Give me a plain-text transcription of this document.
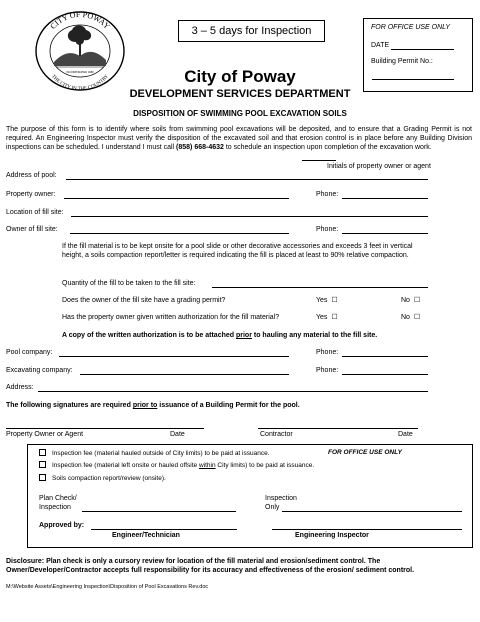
CITY OF POWAY
THE CITY IN THE COUNTRY
INCORPORATED 1980
3 – 5 days for Inspection	FOR OFFICE USE ONLY
DATE
Building Permit No.:
City of Poway
DEVELOPMENT SERVICES DEPARTMENT
DISPOSITION OF SWIMMING POOL EXCAVATION SOILS
The purpose of this form is to identify where soils from swimming pool excavations will be deposited, and to ensure that a Grading Permit is not required. An Engineering Inspector must verify the disposition of the excavated soil and that erosion control is in place before any Building Division inspections can be scheduled. I understand I must call (858) 668-4632 to schedule an inspection upon completion of the excavation work.
Initials of property owner or agent
Address of pool:
Property owner:	Phone:
Location of fill site:
Owner of fill site:	Phone:
If the fill material is to be kept onsite for a pool slide or other decorative accessories and exceeds 3 feet in vertical height, a soils compaction report/letter is required indicating the fill is placed at least to 90% relative compaction.
Quantity of the fill to be taken to the fill site:
Does the owner of the fill site have a grading permit?	Yes ☐	No ☐
Has the property owner given written authorization for the fill material?	Yes ☐	No ☐
A copy of the written authorization is to be attached prior to hauling any material to the fill site.
Pool company:	Phone:
Excavating company:	Phone:
Address:
The following signatures are required prior to issuance of a Building Permit for the pool.
Property Owner or Agent	Date	Contractor	Date
Inspection fee (material hauled outside of City limits) to be paid at issuance.	FOR OFFICE USE ONLY
Inspection fee (material left onsite or hauled offsite within City limits) to be paid at issuance.
Soils compaction report/review (onsite).
Plan Check/
Inspection
Inspection
Only
Approved by:
Engineer/Technician	Engineering Inspector
Disclosure: Plan check is only a cursory review for location of the fill material and erosion/sediment control. The Owner/Developer/Contractor accepts full responsibility for its accuracy and effectiveness of the erosion/ sediment control.
M:\Website Assets\Engineering Inspection\Disposition of Pool Excavations Rev.doc
